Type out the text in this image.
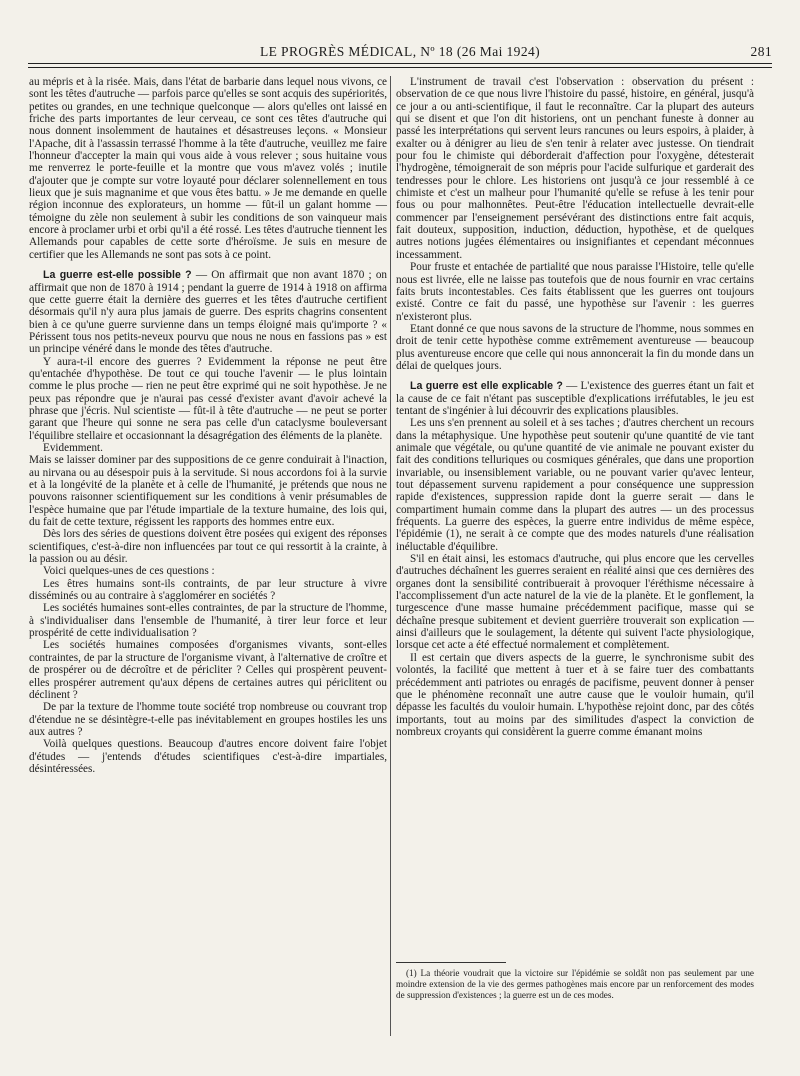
LE PROGRÈS MÉDICAL, Nº 18 (26 Mai 1924)	281

au mépris et à la risée. Mais, dans l'état de barbarie dans lequel nous vivons, ce sont les têtes d'autruche — parfois parce qu'elles se sont acquis des supériorités, petites ou grandes, en une technique quelconque — alors qu'elles ont laissé en friche des parts importantes de leur cerveau, ce sont ces têtes d'autruche qui nous donnent insolemment de hautaines et désastreuses leçons. « Monsieur l'Apache, dit à l'assassin terrassé l'homme à la tête d'autruche, veuillez me faire l'honneur d'accepter la main qui vous aide à vous relever ; sous huitaine vous me renverrez le porte-feuille et la montre que vous m'avez volés ; inutile d'ajouter que je compte sur votre loyauté pour déclarer solennellement en tous lieux que je suis magnanime et que vous êtes battu. » Je me demande en quelle région inconnue des explorateurs, un homme — fût-il un galant homme — témoigne du zèle non seulement à subir les conditions de son vainqueur mais encore à proclamer urbi et orbi qu'il a été rossé. Les têtes d'autruche tiennent les Allemands pour capables de cette sorte d'héroïsme. Je suis en mesure de certifier que les Allemands ne sont pas sots à ce point.

La guerre est-elle possible ? — On affirmait que non avant 1870 ; on affirmait que non de 1870 à 1914 ; pendant la guerre de 1914 à 1918 on affirma que cette guerre était la dernière des guerres et les têtes d'autruche certifient désormais qu'il n'y aura plus jamais de guerre. Des esprits chagrins consentent bien à ce qu'une guerre survienne dans un temps éloigné mais qu'importe ? « Périssent tous nos petits-neveux pourvu que nous ne nous en fassions pas » est un principe vénéré dans le monde des têtes d'autruche.

Y aura-t-il encore des guerres ? Evidemment la réponse ne peut être qu'entachée d'hypothèse. De tout ce qui touche l'avenir — le plus lointain comme le plus proche — rien ne peut être exprimé qui ne soit hypothèse. Je ne peux pas répondre que je n'aurai pas cessé d'exister avant d'avoir achevé la phrase que j'écris. Nul scientiste — fût-il à tête d'autruche — ne peut se porter garant que l'heure qui sonne ne sera pas celle d'un cataclysme bouleversant l'équilibre stellaire et occasionnant la désagrégation des éléments de la planète.

Evidemment.

Mais se laisser dominer par des suppositions de ce genre conduirait à l'inaction, au nirvana ou au désespoir puis à la servitude. Si nous accordons foi à la survie et à la longévité de la planète et à celle de l'humanité, je prétends que nous ne pouvons raisonner scientifiquement sur les conditions à venir présumables de l'espèce humaine que par l'étude impartiale de la texture humaine, des lois qui, du fait de cette texture, régissent les rapports des hommes entre eux.

Dès lors des séries de questions doivent être posées qui exigent des réponses scientifiques, c'est-à-dire non influencées par tout ce qui ressortit à la crainte, à la passion ou au désir.

Voici quelques-unes de ces questions :

Les êtres humains sont-ils contraints, de par leur structure à vivre disséminés ou au contraire à s'agglomérer en sociétés ?

Les sociétés humaines sont-elles contraintes, de par la structure de l'homme, à s'individualiser dans l'ensemble de l'humanité, à tirer leur force et leur prospérité de cette individualisation ?

Les sociétés humaines composées d'organismes vivants, sont-elles contraintes, de par la structure de l'organisme vivant, à l'alternative de croître et de prospérer ou de décroître et de péricliter ? Celles qui prospèrent peuvent-elles prospérer autrement qu'aux dépens de certaines autres qui périclitent ou déclinent ?

De par la texture de l'homme toute société trop nombreuse ou couvrant trop d'étendue ne se désintègre-t-elle pas inévitablement en groupes hostiles les uns aux autres ?

Voilà quelques questions. Beaucoup d'autres encore doivent faire l'objet d'études — j'entends d'études scientifiques c'est-à-dire impartiales, désintéressées.

L'instrument de travail c'est l'observation : observation du présent : observation de ce que nous livre l'histoire du passé, histoire, en général, jusqu'à ce jour a ou anti-scientifique, il faut le reconnaître. Car la plupart des auteurs qui se disent et que l'on dit historiens, ont un penchant funeste à donner au passé les interprétations qui servent leurs rancunes ou leurs espoirs, à plaider, à exalter ou à dénigrer au lieu de s'en tenir à relater avec justesse. On tiendrait pour fou le chimiste qui déborderait d'affection pour l'oxygène, détesterait l'hydrogène, témoignerait de son mépris pour l'acide sulfurique et garderait des tendresses pour le chlore. Les historiens ont jusqu'à ce jour ressemblé à ce chimiste et c'est un malheur pour l'humanité qu'elle se refuse à les tenir pour fous ou pour malhonnêtes. Peut-être l'éducation intellectuelle devrait-elle commencer par l'enseignement persévérant des distinctions entre fait acquis, fait douteux, supposition, induction, déduction, hypothèse, et de quelques autres notions jugées élémentaires ou insignifiantes et cependant méconnues incessamment.

Pour fruste et entachée de partialité que nous paraisse l'Histoire, telle qu'elle nous est livrée, elle ne laisse pas toutefois que de nous fournir en vrac certains faits bruts incontestables. Ces faits établissent que les guerres ont toujours existé. Contre ce fait du passé, une hypothèse sur l'avenir : les guerres n'existeront plus.

Etant donné ce que nous savons de la structure de l'homme, nous sommes en droit de tenir cette hypothèse comme extrêmement aventureuse — beaucoup plus aventureuse encore que celle qui nous annoncerait la fin du monde dans un délai de quelques jours.

La guerre est elle explicable ? — L'existence des guerres étant un fait et la cause de ce fait n'étant pas susceptible d'explications irréfutables, le jeu est tentant de s'ingénier à lui découvrir des explications plausibles.

Les uns s'en prennent au soleil et à ses taches ; d'autres cherchent un recours dans la métaphysique. Une hypothèse peut soutenir qu'une quantité de vie tant animale que végétale, ou qu'une quantité de vie animale ne pouvant exister du fait des conditions telluriques ou cosmiques générales, que dans une proportion invariable, ou insensiblement variable, ou ne pouvant varier qu'avec lenteur, tout dépassement survenu rapidement a pour conséquence une suppression rapide d'existences, suppression rapide dont la guerre serait — dans le compartiment humain comme dans la plupart des autres — un des processus fréquents. La guerre des espèces, la guerre entre individus de même espèce, l'épidémie (1), ne serait à ce compte que des modes naturels d'une réalisation inéluctable d'équilibre.

S'il en était ainsi, les estomacs d'autruche, qui plus encore que les cervelles d'autruches déchaînent les guerres seraient en réalité ainsi que ces dernières des organes dont la sensibilité contribuerait à provoquer l'éréthisme nécessaire à l'accomplissement d'un acte naturel de la vie de la planète. Et le gonflement, la turgescence d'une masse humaine précédemment pacifique, masse qui se déchaîne presque subitement et devient guerrière trouverait son explication — ainsi d'ailleurs que le soulagement, la détente qui suivent l'acte physiologique, lorsque cet acte a été effectué normalement et complètement.

Il est certain que divers aspects de la guerre, le synchronisme subit des volontés, la facilité que mettent à tuer et à se faire tuer des combattants précédemment anti patriotes ou enragés de pacifisme, peuvent donner à penser que le phénomène reconnaît une autre cause que le vouloir humain, qu'il dépasse les facultés du vouloir humain. L'hypothèse rejoint donc, par des côtés importants, tout au moins par des similitudes d'aspect la conviction de nombreux croyants qui considèrent la guerre comme émanant moins

(1) La théorie voudrait que la victoire sur l'épidémie se soldât non pas seulement par une moindre extension de la vie des germes pathogènes mais encore par un renforcement des modes de suppression d'existences ; la guerre est un de ces modes.
